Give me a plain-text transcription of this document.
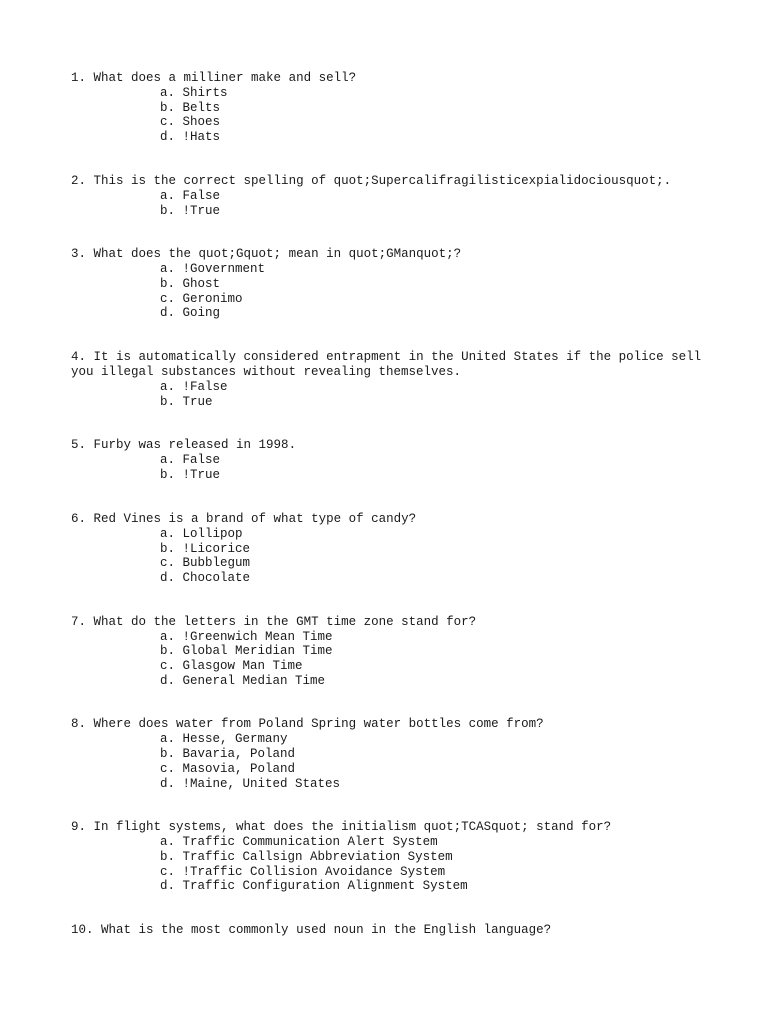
1. What does a milliner make and sell?

a. Shirts
b. Belts
c. Shoes
d. !Hats

2. This is the correct spelling of quot;Supercalifragilisticexpialidociousquot;.

a. False
b. !True

3. What does the quot;Gquot; mean in quot;GManquot;?

a. !Government
b. Ghost
c. Geronimo
d. Going

4. It is automatically considered entrapment in the United States if the police sell you illegal substances without revealing themselves.

a. !False
b. True

5. Furby was released in 1998.

a. False
b. !True

6. Red Vines is a brand of what type of candy?

a. Lollipop
b. !Licorice
c. Bubblegum
d. Chocolate

7. What do the letters in the GMT time zone stand for?

a. !Greenwich Mean Time
b. Global Meridian Time
c. Glasgow Man Time
d. General Median Time

8. Where does water from Poland Spring water bottles come from?

a. Hesse, Germany
b. Bavaria, Poland
c. Masovia, Poland
d. !Maine, United States

9. In flight systems, what does the initialism quot;TCASquot; stand for?

a. Traffic Communication Alert System
b. Traffic Callsign Abbreviation System
c. !Traffic Collision Avoidance System
d. Traffic Configuration Alignment System

10. What is the most commonly used noun in the English language?
